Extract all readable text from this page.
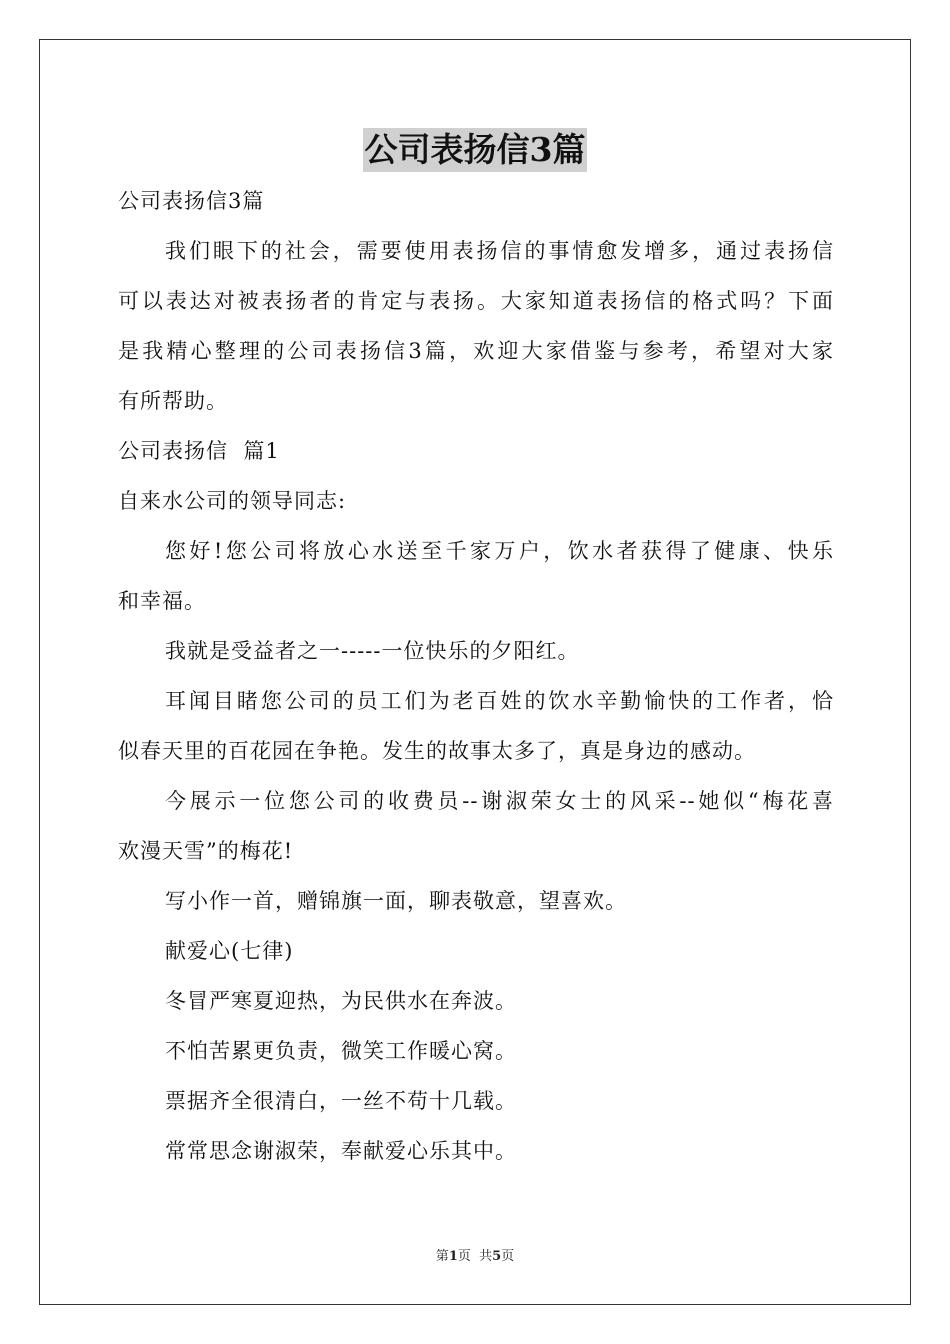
公司表扬信3篇
公司表扬信3篇
我们眼下的社会，需要使用表扬信的事情愈发增多，通过表扬信
可以表达对被表扬者的肯定与表扬。大家知道表扬信的格式吗？下面
是我精心整理的公司表扬信3篇，欢迎大家借鉴与参考，希望对大家
有所帮助。
公司表扬信  篇1
自来水公司的领导同志:
您好!您公司将放心水送至千家万户，饮水者获得了健康、快乐
和幸福。
我就是受益者之一-----一位快乐的夕阳红。
耳闻目睹您公司的员工们为老百姓的饮水辛勤愉快的工作者，恰
似春天里的百花园在争艳。发生的故事太多了，真是身边的感动。
今展示一位您公司的收费员--谢淑荣女士的风采--她似“梅花喜
欢漫天雪”的梅花!
写小作一首，赠锦旗一面，聊表敬意，望喜欢。
献爱心(七律)
冬冒严寒夏迎热，为民供水在奔波。
不怕苦累更负责，微笑工作暖心窝。
票据齐全很清白，一丝不苟十几载。
常常思念谢淑荣，奉献爱心乐其中。
第1页  共5页
